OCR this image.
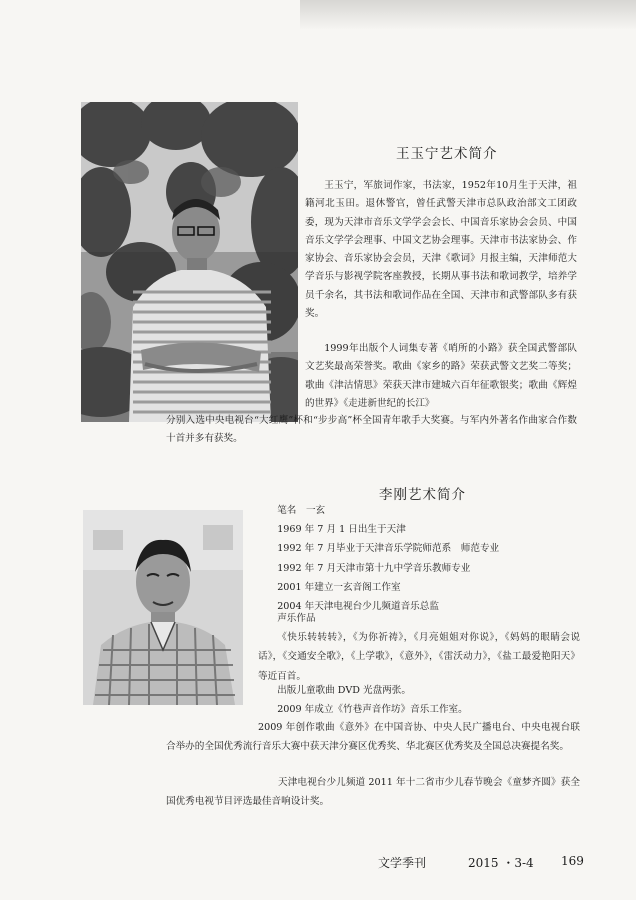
王玉宁艺术简介
王玉宁，军旅词作家，书法家，1952年10月生于天津，祖籍河北玉田。退休警官，曾任武警天津市总队政治部文工团政委，现为天津市音乐文学学会会长、中国音乐家协会会员、中国音乐文学学会理事、中国文艺协会理事。天津市书法家协会、作家协会、音乐家协会会员，天津《歌词》月报主编，天津师范大学音乐与影视学院客座教授，长期从事书法和歌词教学，培养学员千余名，其书法和歌词作品在全国、天津市和武警部队多有获奖。
1999年出版个人词集专著《哨所的小路》获全国武警部队文艺奖最高荣誉奖。歌曲《家乡的路》荣获武警文艺奖二等奖；歌曲《津沽情思》荣获天津市建城六百年征歌银奖；歌曲《辉煌的世界》《走进新世纪的长江》
分别入选中央电视台“大红鹰”杯和“步步高”杯全国青年歌手大奖赛。与军内外著名作曲家合作数十首并多有获奖。
李刚艺术简介
笔名　一玄
1969 年 7 月 1 日出生于天津
1992 年 7 月毕业于天津音乐学院师范系　师范专业
1992 年 7 月天津市第十九中学音乐教师专业
2001 年建立一玄音阁工作室
2004 年天津电视台少儿频道音乐总监
声乐作品
《快乐转转转》，《为你祈祷》，《月亮姐姐对你说》，《妈妈的眼睛会说话》，《交通安全歌》，《上学歌》，《意外》，《雷沃动力》，《盐工最爱艳阳天》等近百首。
出版儿童歌曲 DVD 光盘两张。
2009 年成立《竹巷声音作坊》音乐工作室。
2009 年创作歌曲《意外》在中国音协、中央人民广播电台、中央电视台联合举办的全国优秀流行音乐大赛中获天津分赛区优秀奖、华北赛区优秀奖及全国总决赛提名奖。
天津电视台少儿频道 2011 年十二省市少儿春节晚会《童梦齐圆》获全国优秀电视节目评选最佳音响设计奖。
文学季刊	2015 ・3-4 169
